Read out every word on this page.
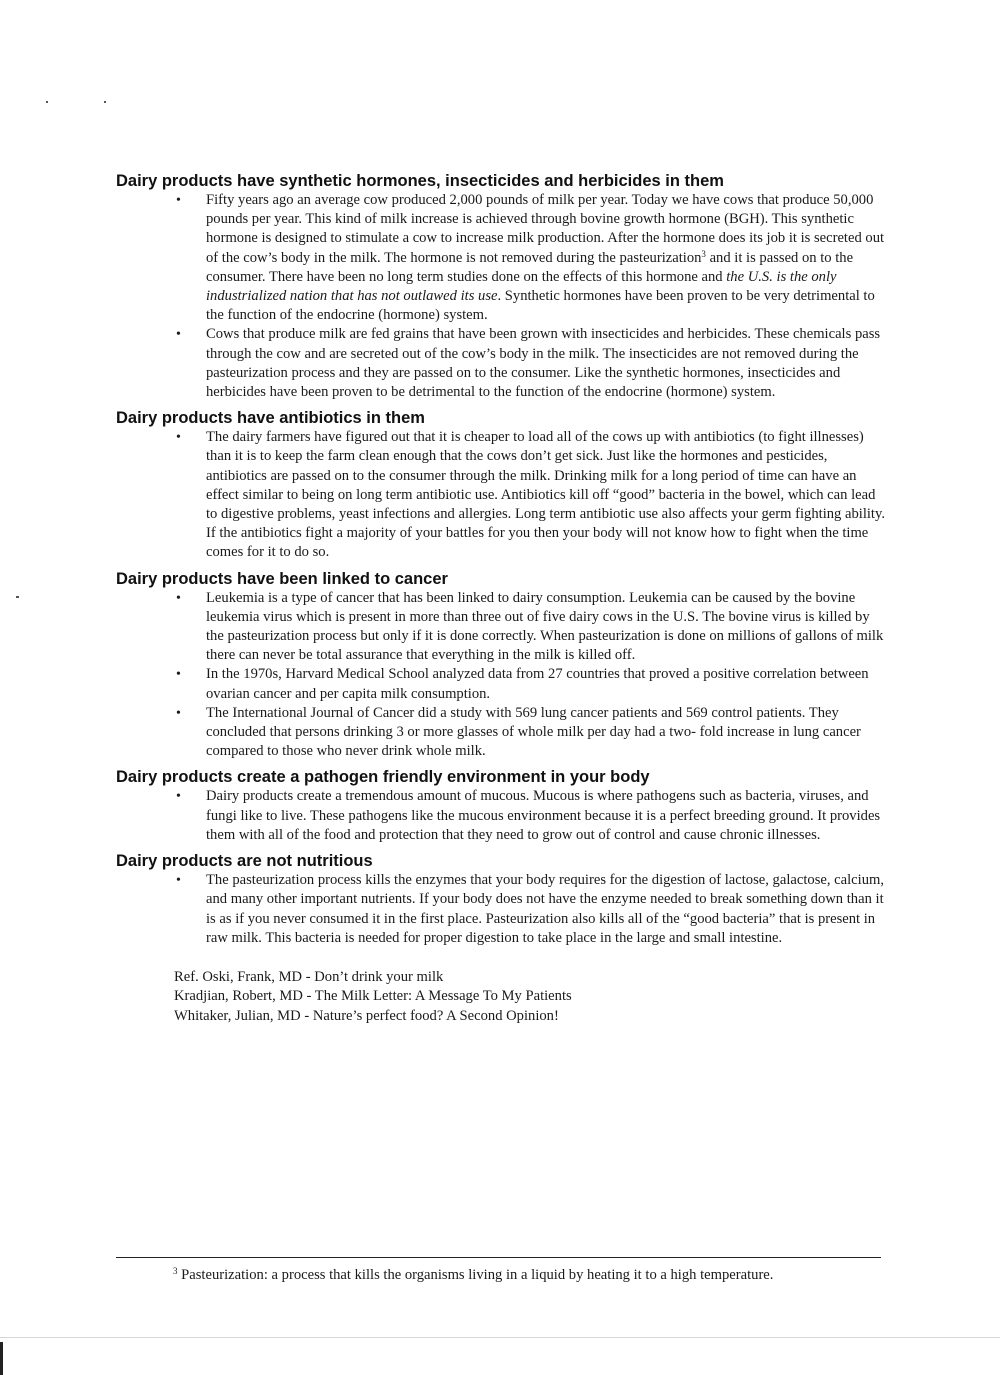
Dairy products have synthetic hormones, insecticides and herbicides in them
•	Fifty years ago an average cow produced 2,000 pounds of milk per year. Today we have cows that produce 50,000 pounds per year. This kind of milk increase is achieved through bovine growth hormone (BGH). This synthetic hormone is designed to stimulate a cow to increase milk production. After the hormone does its job it is secreted out of the cow’s body in the milk. The hormone is not removed during the pasteurization$^3$ and it is passed on to the consumer. There have been no long term studies done on the effects of this hormone and the U.S. is the only industrialized nation that has not outlawed its use. Synthetic hormones have been proven to be very detrimental to the function of the endocrine (hormone) system.
•	Cows that produce milk are fed grains that have been grown with insecticides and herbicides. These chemicals pass through the cow and are secreted out of the cow’s body in the milk. The insecticides are not removed during the pasteurization process and they are passed on to the consumer. Like the synthetic hormones, insecticides and herbicides have been proven to be detrimental to the function of the endocrine (hormone) system.
Dairy products have antibiotics in them
•	The dairy farmers have figured out that it is cheaper to load all of the cows up with antibiotics (to fight illnesses) than it is to keep the farm clean enough that the cows don’t get sick. Just like the hormones and pesticides, antibiotics are passed on to the consumer through the milk. Drinking milk for a long period of time can have an effect similar to being on long term antibiotic use. Antibiotics kill off “good” bacteria in the bowel, which can lead to digestive problems, yeast infections and allergies. Long term antibiotic use also affects your germ fighting ability. If the antibiotics fight a majority of your battles for you then your body will not know how to fight when the time comes for it to do so.
Dairy products have been linked to cancer
•	Leukemia is a type of cancer that has been linked to dairy consumption. Leukemia can be caused by the bovine leukemia virus which is present in more than three out of five dairy cows in the U.S. The bovine virus is killed by the pasteurization process but only if it is done correctly. When pasteurization is done on millions of gallons of milk there can never be total assurance that everything in the milk is killed off.
•	In the 1970s, Harvard Medical School analyzed data from 27 countries that proved a positive correlation between ovarian cancer and per capita milk consumption.
•	The International Journal of Cancer did a study with 569 lung cancer patients and 569 control patients. They concluded that persons drinking 3 or more glasses of whole milk per day had a two- fold increase in lung cancer compared to those who never drink whole milk.
Dairy products create a pathogen friendly environment in your body
•	Dairy products create a tremendous amount of mucous. Mucous is where pathogens such as bacteria, viruses, and fungi like to live. These pathogens like the mucous environment because it is a perfect breeding ground. It provides them with all of the food and protection that they need to grow out of control and cause chronic illnesses.
Dairy products are not nutritious
•	The pasteurization process kills the enzymes that your body requires for the digestion of lactose, galactose, calcium, and many other important nutrients. If your body does not have the enzyme needed to break something down than it is as if you never consumed it in the first place. Pasteurization also kills all of the “good bacteria” that is present in raw milk. This bacteria is needed for proper digestion to take place in the large and small intestine.
Ref. Oski, Frank, MD - Don’t drink your milk
Kradjian, Robert, MD - The Milk Letter: A Message To My Patients
Whitaker, Julian, MD - Nature’s perfect food? A Second Opinion!
$^3$ Pasteurization: a process that kills the organisms living in a liquid by heating it to a high temperature.
